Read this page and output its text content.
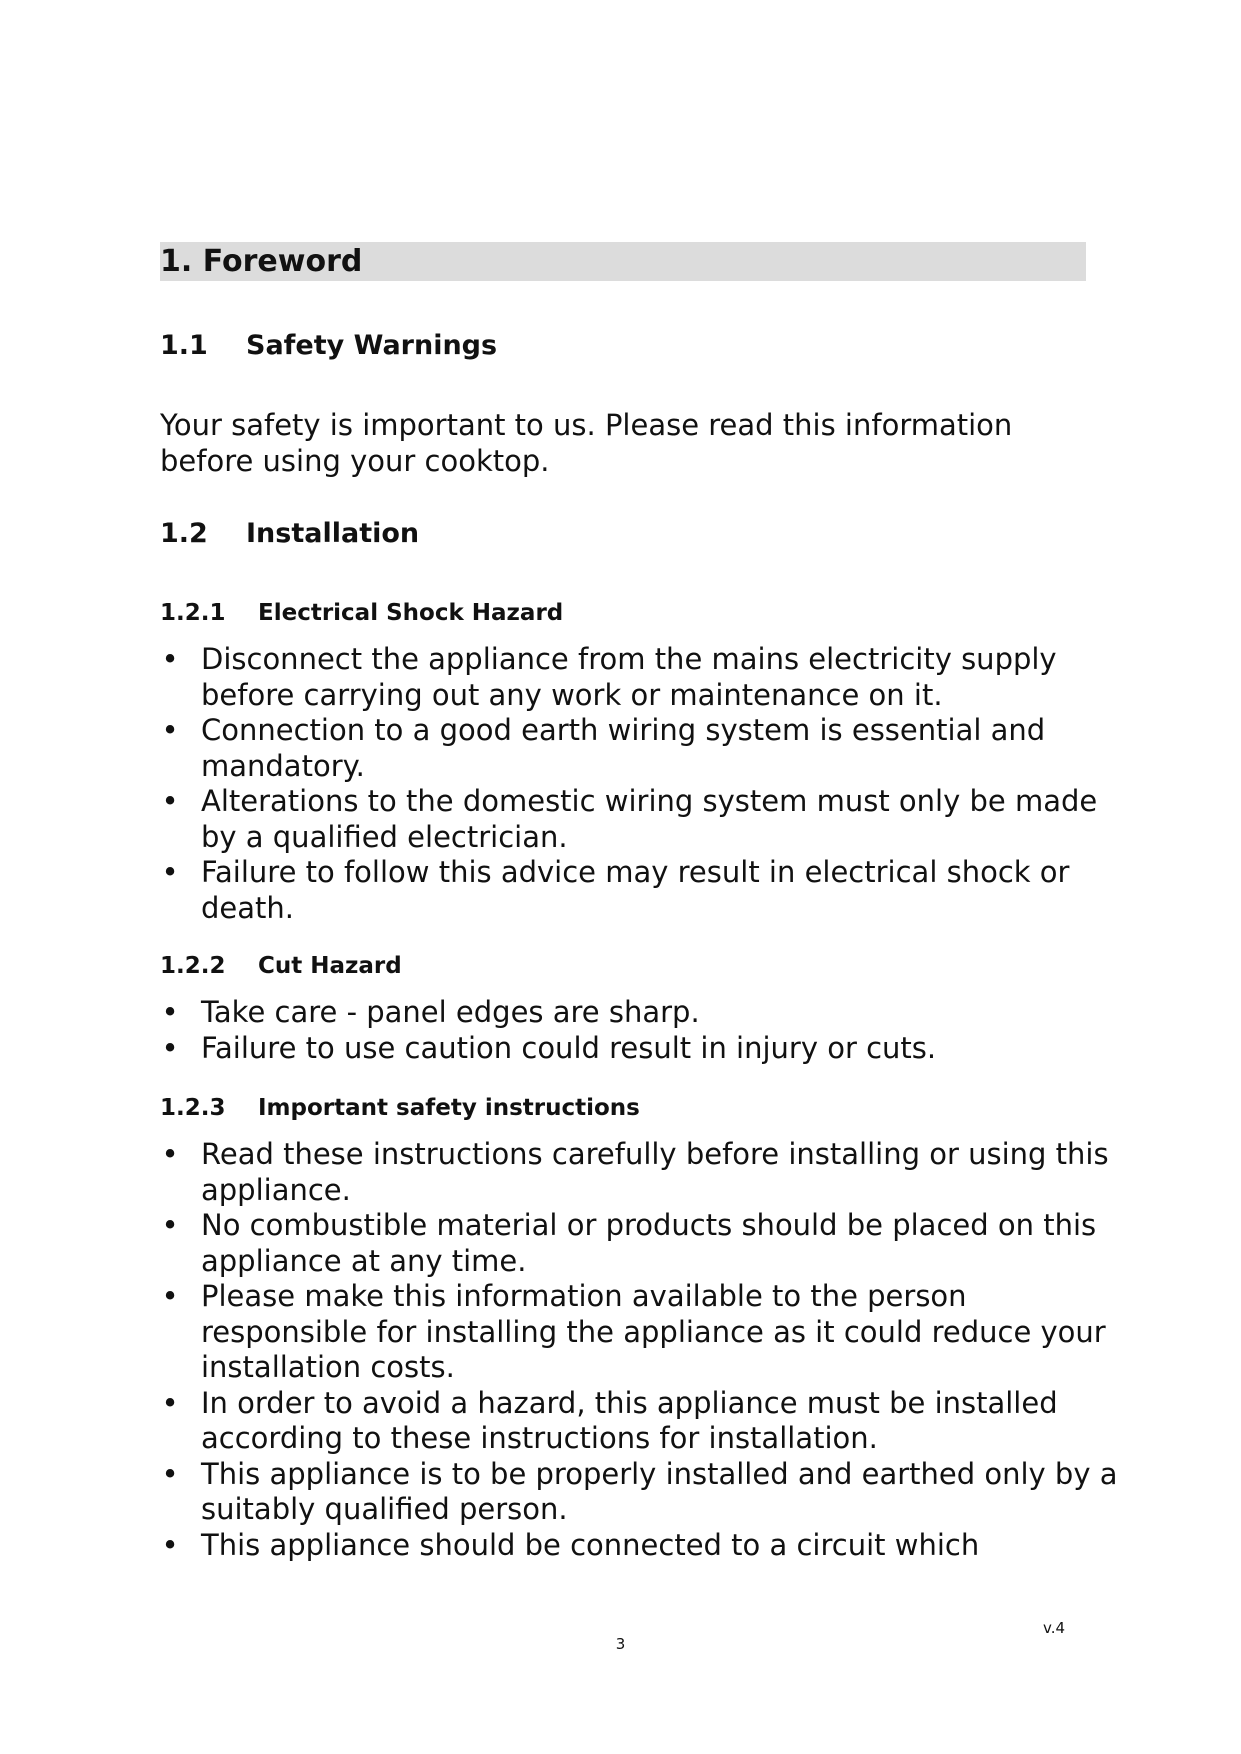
1. Foreword
1.1 Safety Warnings

Your safety is important to us. Please read this information before using your cooktop.

1.2 Installation
1.2.1 Electrical Shock Hazard
• Disconnect the appliance from the mains electricity supply before carrying out any work or maintenance on it.
• Connection to a good earth wiring system is essential and mandatory.
• Alterations to the domestic wiring system must only be made by a qualified electrician.
• Failure to follow this advice may result in electrical shock or death.
1.2.2 Cut Hazard
• Take care - panel edges are sharp.
• Failure to use caution could result in injury or cuts.
1.2.3 Important safety instructions
• Read these instructions carefully before installing or using this appliance.
• No combustible material or products should be placed on this appliance at any time.
• Please make this information available to the person responsible for installing the appliance as it could reduce your installation costs.
• In order to avoid a hazard, this appliance must be installed according to these instructions for installation.
• This appliance is to be properly installed and earthed only by a suitably qualified person.
• This appliance should be connected to a circuit which
v.4
3
